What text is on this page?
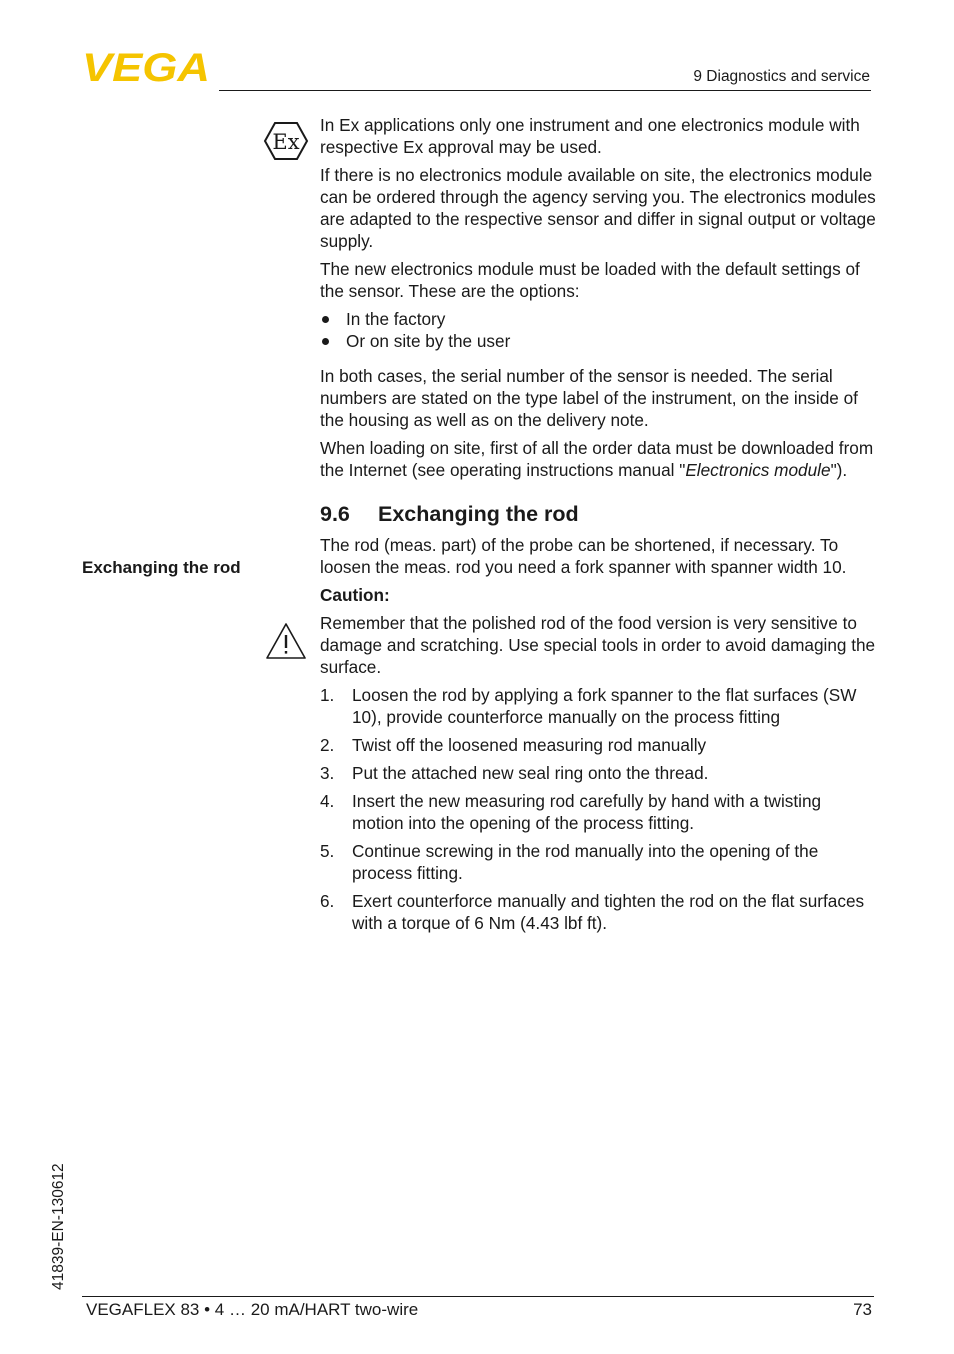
VEGA	9 Diagnostics and service
Ex
Exchanging the rod

In Ex applications only one instrument and one electronics module with respective Ex approval may be used.

If there is no electronics module available on site, the electronics module can be ordered through the agency serving you. The electronics modules are adapted to the respective sensor and differ in signal output or voltage supply.

The new electronics module must be loaded with the default settings of the sensor. These are the options:

In the factory
Or on site by the user

In both cases, the serial number of the sensor is needed. The serial numbers are stated on the type label of the instrument, on the inside of the housing as well as on the delivery note.

When loading on site, first of all the order data must be downloaded from the Internet (see operating instructions manual "Electronics module").

9.6 Exchanging the rod

The rod (meas. part) of the probe can be shortened, if necessary. To loosen the meas. rod you need a fork spanner with spanner width 10.

Caution:

Remember that the polished rod of the food version is very sensitive to damage and scratching. Use special tools in order to avoid damaging the surface.

1. Loosen the rod by applying a fork spanner to the flat surfaces (SW 10), provide counterforce manually on the process fitting
2. Twist off the loosened measuring rod manually
3. Put the attached new seal ring onto the thread.
4. Insert the new measuring rod carefully by hand with a twisting motion into the opening of the process fitting.
5. Continue screwing in the rod manually into the opening of the process fitting.
6. Exert counterforce manually and tighten the rod on the flat surfaces with a torque of 6 Nm (4.43 lbf ft).
41839-EN-130612
VEGAFLEX 83 • 4 … 20 mA/HART two-wire	73
